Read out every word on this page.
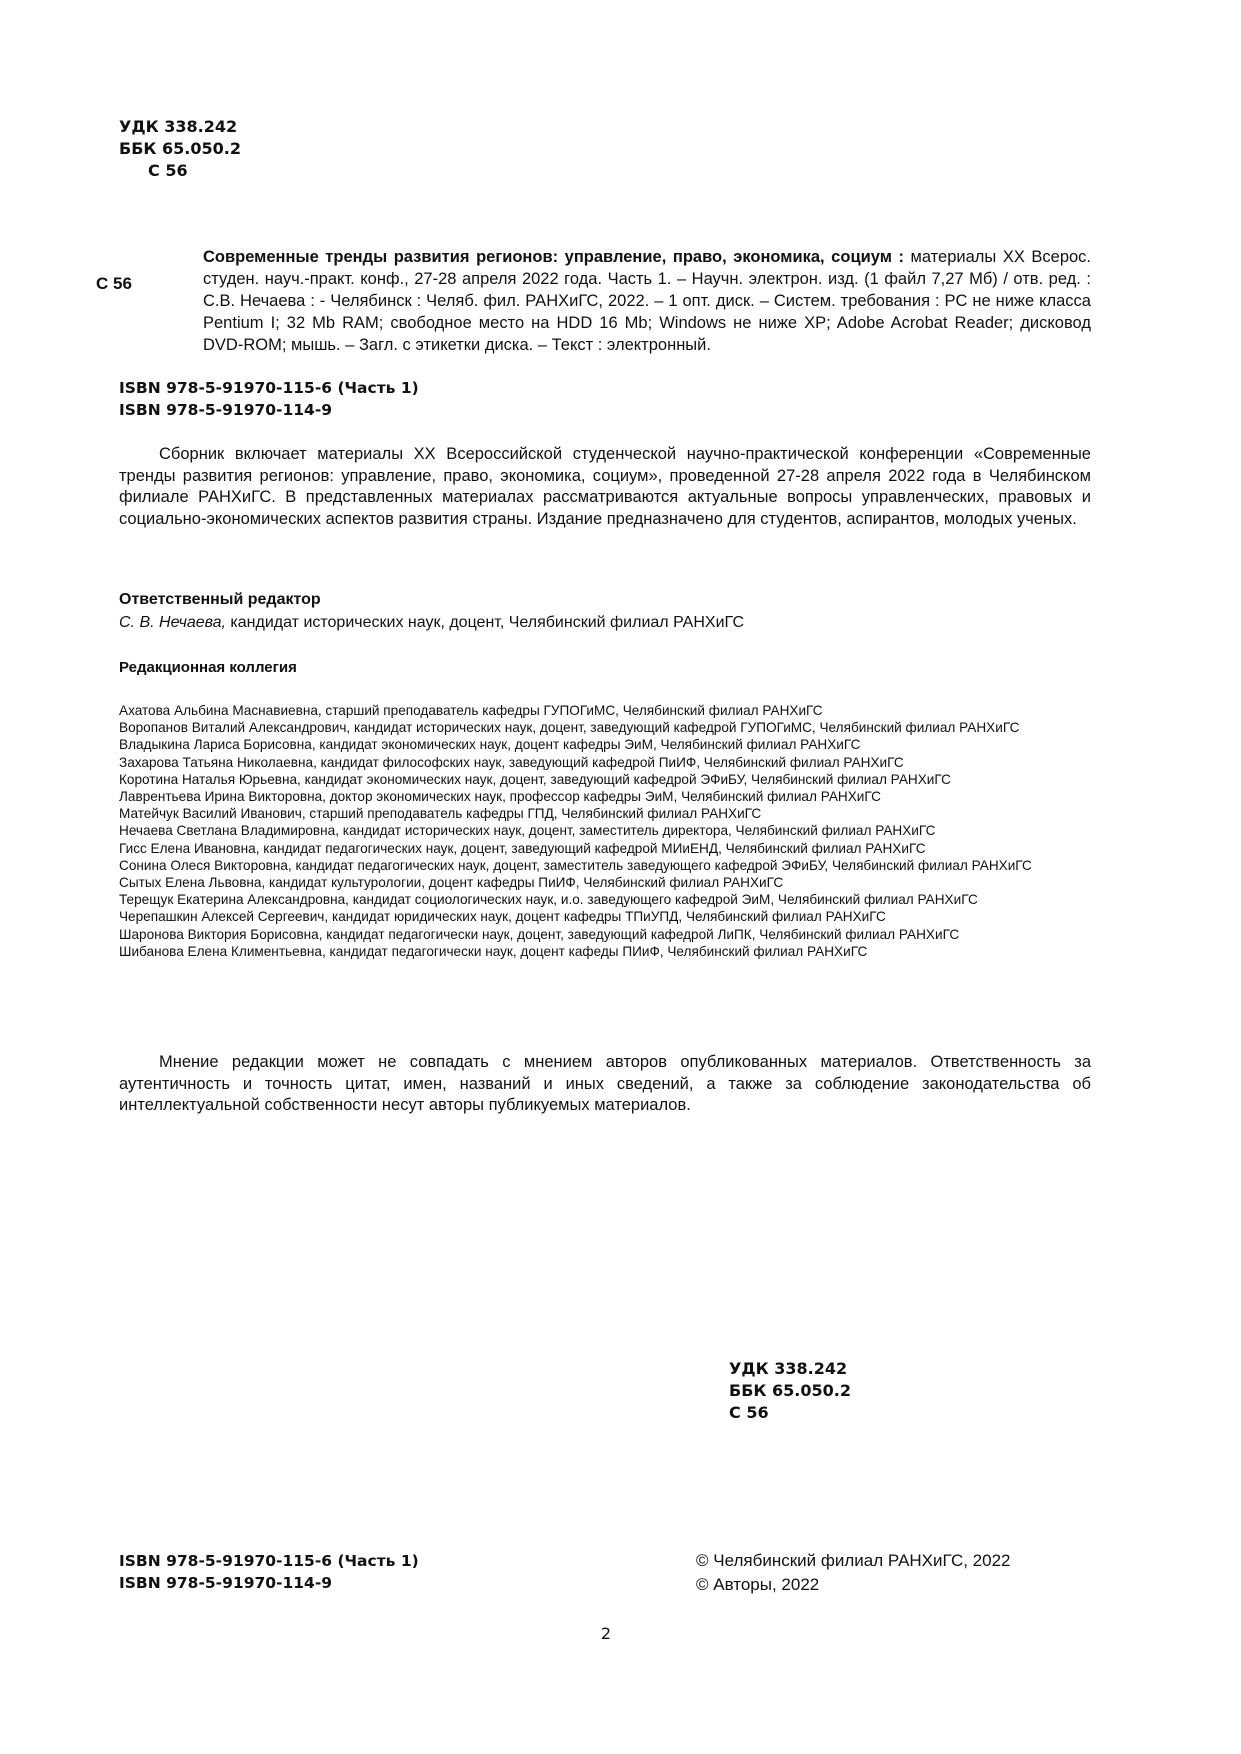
УДК 338.242
ББК 65.050.2
С 56
С 56
Современные тренды развития регионов: управление, право, экономика, социум : материалы XX Всерос. студен. науч.-практ. конф., 27-28 апреля 2022 года. Часть 1. – Научн. электрон. изд. (1 файл 7,27 Мб) / отв. ред. : С.В. Нечаева : - Челябинск : Челяб. фил. РАНХиГС, 2022. – 1 опт. диск. – Систем. требования : PC не ниже класса Pentium I; 32 Mb RAM; свободное место на HDD 16 Mb; Windows не ниже XP; Adobe Acrobat Reader; дисковод DVD-ROM; мышь. – Загл. с этикетки диска. – Текст : электронный.
ISBN 978-5-91970-115-6 (Часть 1)
ISBN 978-5-91970-114-9
Сборник включает материалы XX Всероссийской студенческой научно-практической конференции «Современные тренды развития регионов: управление, право, экономика, социум», проведенной 27-28 апреля 2022 года в Челябинском филиале РАНХиГС. В представленных материалах рассматриваются актуальные вопросы управленческих, правовых и социально-экономических аспектов развития страны. Издание предназначено для студентов, аспирантов, молодых ученых.
Ответственный редактор
С. В. Нечаева, кандидат исторических наук, доцент, Челябинский филиал РАНХиГС
Редакционная коллегия
Ахатова Альбина Маснавиевна, старший преподаватель кафедры ГУПОГиМС, Челябинский филиал РАНХиГС
Воропанов Виталий Александрович, кандидат исторических наук, доцент, заведующий кафедрой ГУПОГиМС, Челябинский филиал РАНХиГС
Владыкина Лариса Борисовна, кандидат экономических наук, доцент кафедры ЭиМ, Челябинский филиал РАНХиГС
Захарова Татьяна Николаевна, кандидат философских наук, заведующий кафедрой ПиИФ, Челябинский филиал РАНХиГС
Коротина Наталья Юрьевна, кандидат экономических наук, доцент, заведующий кафедрой ЭФиБУ, Челябинский филиал РАНХиГС
Лаврентьева Ирина Викторовна, доктор экономических наук, профессор кафедры ЭиМ, Челябинский филиал РАНХиГС
Матейчук Василий Иванович, старший преподаватель кафедры ГПД, Челябинский филиал РАНХиГС
Нечаева Светлана Владимировна, кандидат исторических наук, доцент, заместитель директора, Челябинский филиал РАНХиГС
Гисс Елена Ивановна, кандидат педагогических наук, доцент, заведующий кафедрой МИиЕНД, Челябинский филиал РАНХиГС
Сонина Олеся Викторовна, кандидат педагогических наук, доцент, заместитель заведующего кафедрой ЭФиБУ, Челябинский филиал РАНХиГС
Сытых Елена Львовна, кандидат культурологии, доцент кафедры ПиИФ, Челябинский филиал РАНХиГС
Терещук Екатерина Александровна, кандидат социологических наук, и.о. заведующего кафедрой ЭиМ, Челябинский филиал РАНХиГС
Черепашкин Алексей Сергеевич, кандидат юридических наук, доцент кафедры ТПиУПД, Челябинский филиал РАНХиГС
Шаронова Виктория Борисовна, кандидат педагогически наук, доцент, заведующий кафедрой ЛиПК, Челябинский филиал РАНХиГС
Шибанова Елена Климентьевна, кандидат педагогически наук, доцент кафеды ПИиФ, Челябинский филиал РАНХиГС
Мнение редакции может не совпадать с мнением авторов опубликованных материалов. Ответственность за аутентичность и точность цитат, имен, названий и иных сведений, а также за соблюдение законодательства об интеллектуальной собственности несут авторы публикуемых материалов.
УДК 338.242
ББК 65.050.2
С 56
ISBN 978-5-91970-115-6 (Часть 1)
ISBN 978-5-91970-114-9
© Челябинский филиал РАНХиГС, 2022
© Авторы, 2022
2
